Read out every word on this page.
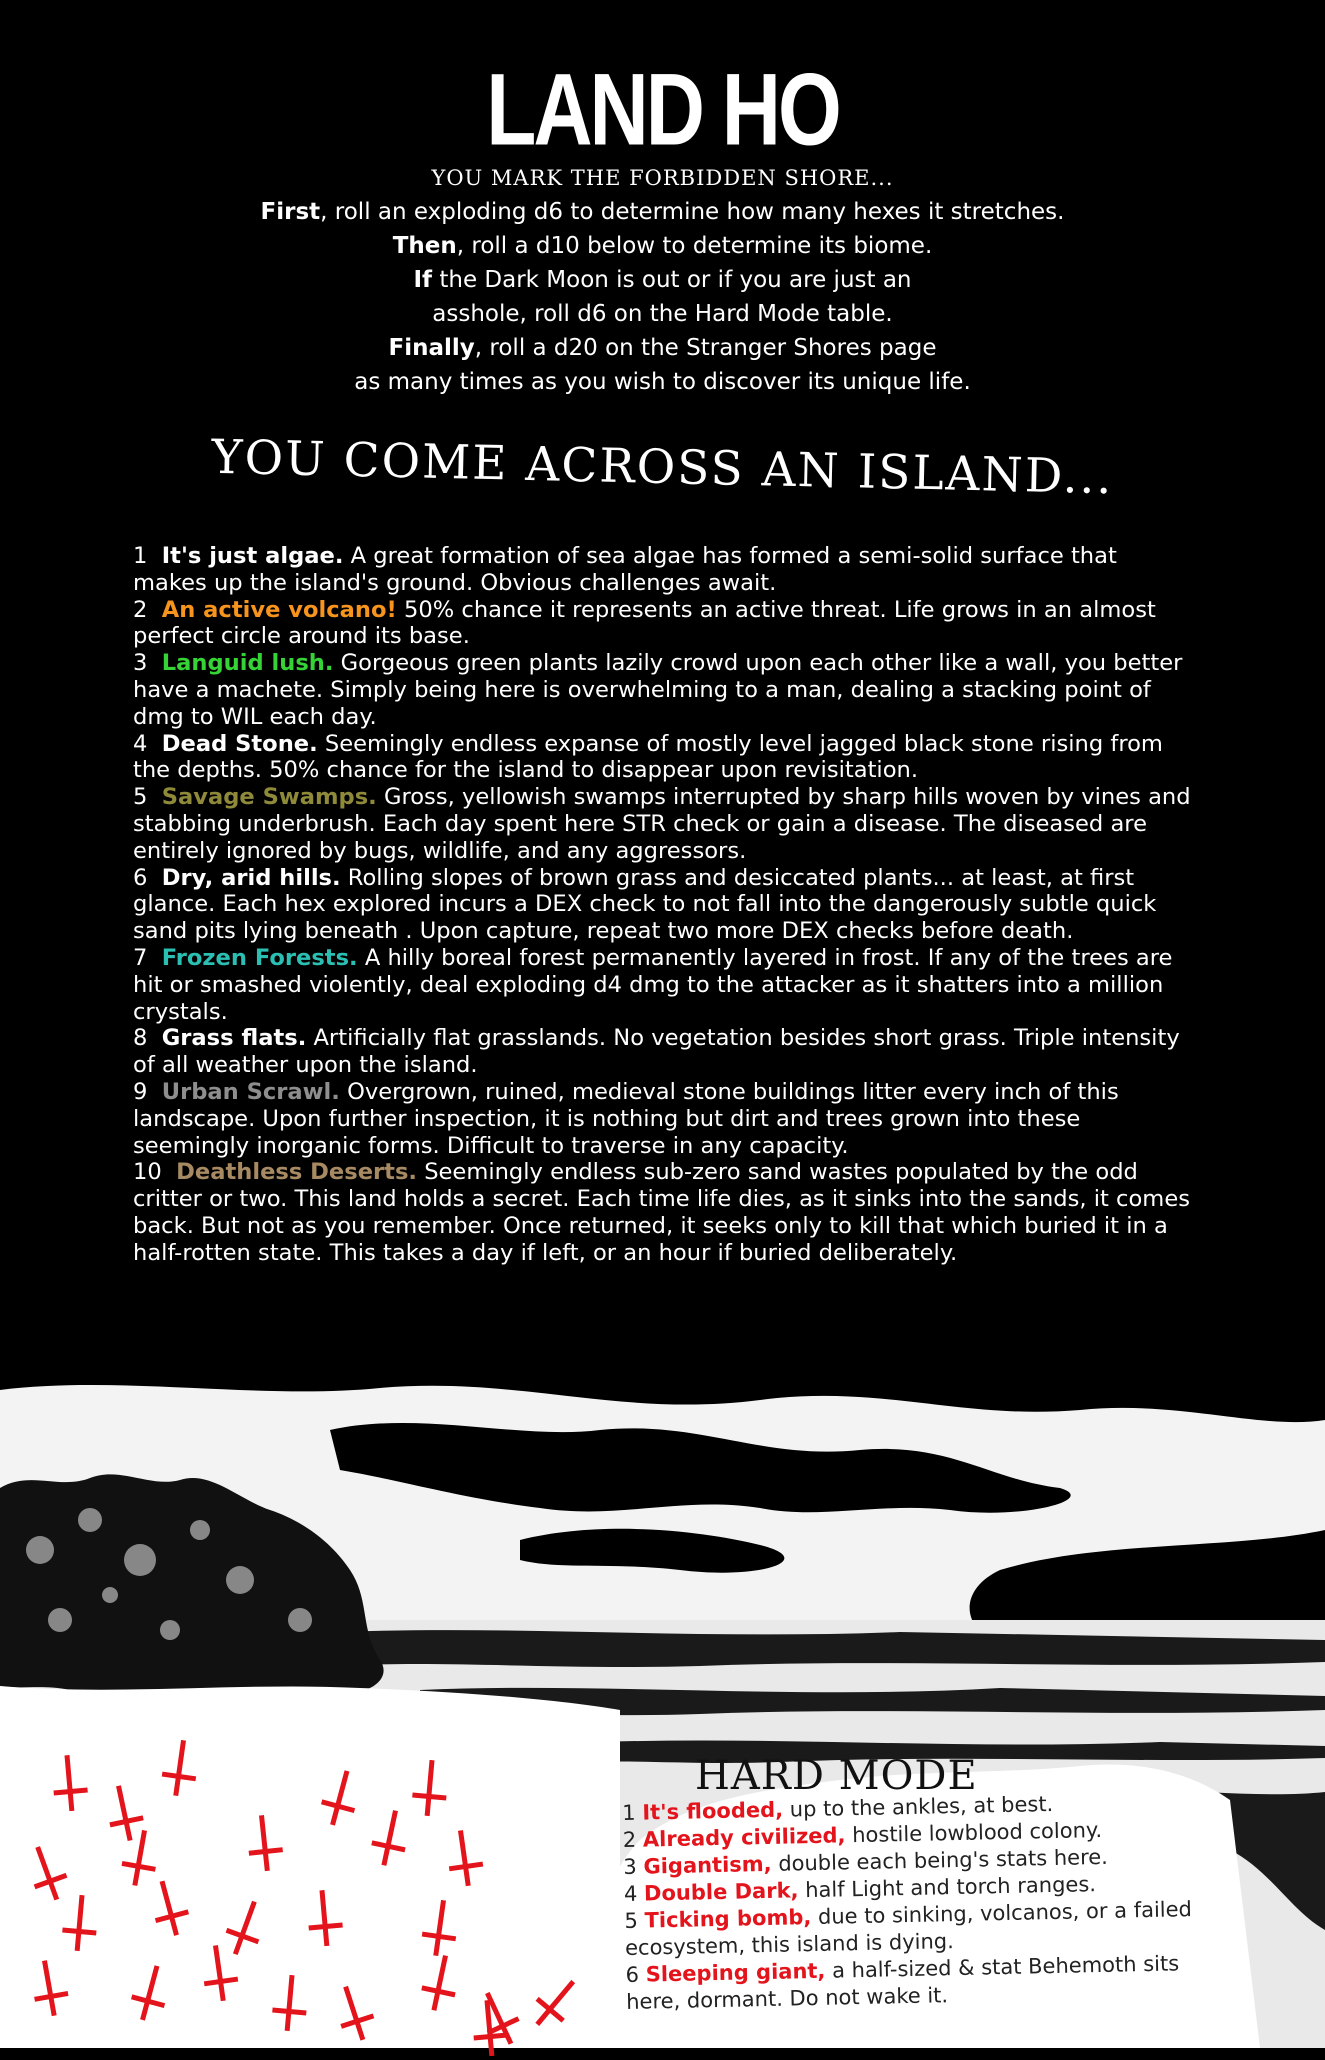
LAND HO
YOU MARK THE FORBIDDEN SHORE...
First, roll an exploding d6 to determine how many hexes it stretches.
Then, roll a d10 below to determine its biome.
If the Dark Moon is out or if you are just an
asshole, roll d6 on the Hard Mode table.
Finally, roll a d20 on the Stranger Shores page
as many times as you wish to discover its unique life.
YOU COME ACROSS AN ISLAND...
1 It's just algae. A great formation of sea algae has formed a semi-solid surface that makes up the island's ground. Obvious challenges await.
2 An active volcano! 50% chance it represents an active threat. Life grows in an almost perfect circle around its base.
3 Languid lush. Gorgeous green plants lazily crowd upon each other like a wall, you better have a machete. Simply being here is overwhelming to a man, dealing a stacking point of dmg to WIL each day.
4 Dead Stone. Seemingly endless expanse of mostly level jagged black stone rising from the depths. 50% chance for the island to disappear upon revisitation.
5 Savage Swamps. Gross, yellowish swamps interrupted by sharp hills woven by vines and stabbing underbrush. Each day spent here STR check or gain a disease. The diseased are entirely ignored by bugs, wildlife, and any aggressors.
6 Dry, arid hills. Rolling slopes of brown grass and desiccated plants... at least, at first glance. Each hex explored incurs a DEX check to not fall into the dangerously subtle quick sand pits lying beneath . Upon capture, repeat two more DEX checks before death.
7 Frozen Forests. A hilly boreal forest permanently layered in frost. If any of the trees are hit or smashed violently, deal exploding d4 dmg to the attacker as it shatters into a million crystals.
8 Grass flats. Artificially flat grasslands. No vegetation besides short grass. Triple intensity of all weather upon the island.
9 Urban Scrawl. Overgrown, ruined, medieval stone buildings litter every inch of this landscape. Upon further inspection, it is nothing but dirt and trees grown into these seemingly inorganic forms. Difficult to traverse in any capacity.
10 Deathless Deserts. Seemingly endless sub-zero sand wastes populated by the odd critter or two. This land holds a secret. Each time life dies, as it sinks into the sands, it comes back. But not as you remember. Once returned, it seeks only to kill that which buried it in a half-rotten state. This takes a day if left, or an hour if buried deliberately.
HARD MODE
1 It's flooded, up to the ankles, at best.
2 Already civilized, hostile lowblood colony.
3 Gigantism, double each being's stats here.
4 Double Dark, half Light and torch ranges.
5 Ticking bomb, due to sinking, volcanos, or a failed ecosystem, this island is dying.
6 Sleeping giant, a half-sized & stat Behemoth sits here, dormant. Do not wake it.
